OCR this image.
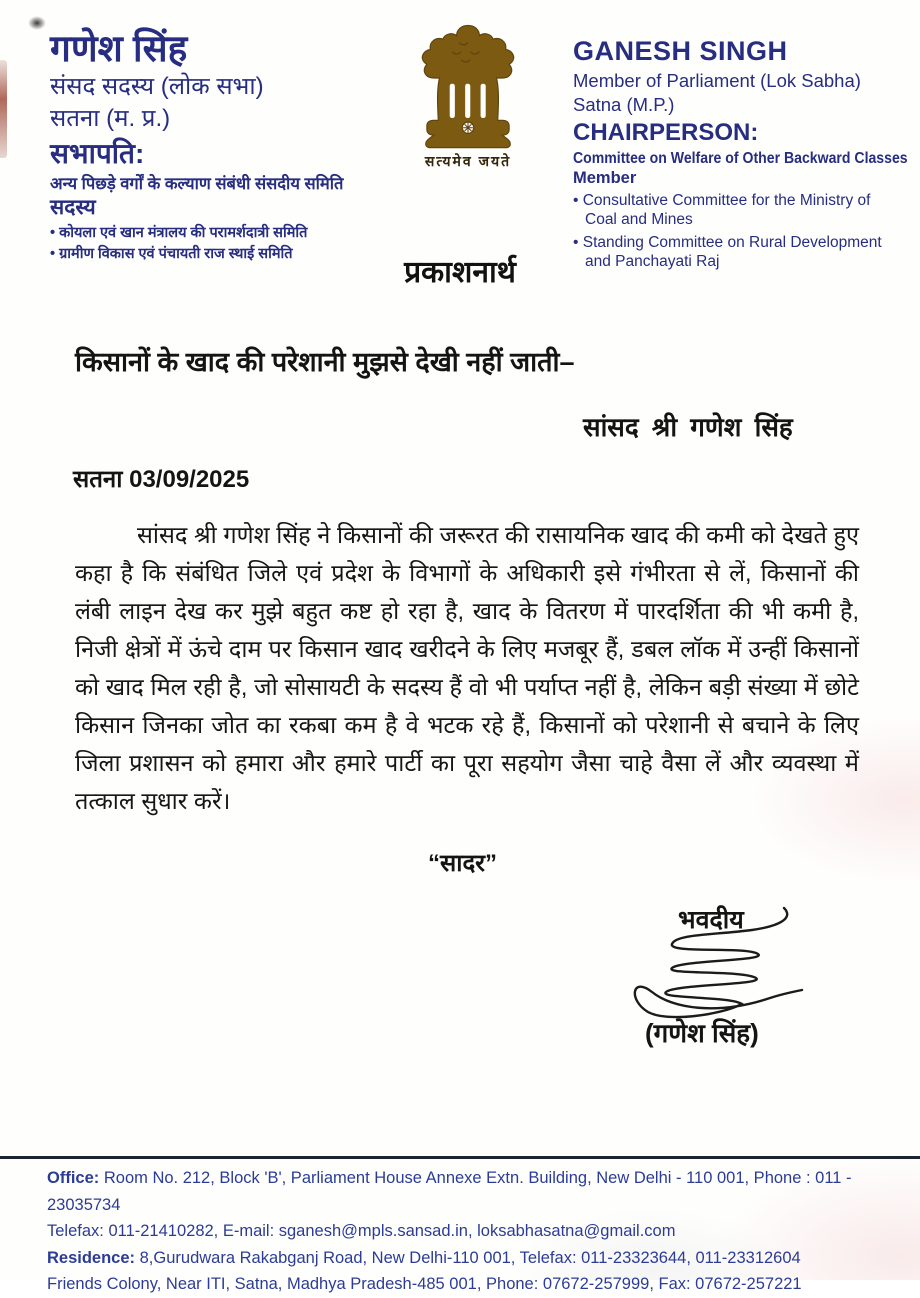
गणेश सिंह
संसद सदस्य (लोक सभा)
सतना (म. प्र.)
सभापति:
अन्य पिछड़े वर्गों के कल्याण संबंधी संसदीय समिति
सदस्य
• कोयला एवं खान मंत्रालय की परामर्शदात्री समिति
• ग्रामीण विकास एवं पंचायती राज स्थाई समिति
सत्यमेव जयते
GANESH SINGH
Member of Parliament (Lok Sabha)
Satna (M.P.)
CHAIRPERSON:
Committee on Welfare of Other Backward Classes
Member
• Consultative Committee for the Ministry of Coal and Mines
• Standing Committee on Rural Development and Panchayati Raj
प्रकाशनार्थ
किसानों के खाद की परेशानी मुझसे देखी नहीं जाती–
सांसद श्री गणेश सिंह
सतना 03/09/2025
सांसद श्री गणेश सिंह ने किसानों की जरूरत की रासायनिक खाद की कमी को देखते हुए कहा है कि संबंधित जिले एवं प्रदेश के विभागों के अधिकारी इसे गंभीरता से लें, किसानों की लंबी लाइन देख कर मुझे बहुत कष्ट हो रहा है, खाद के वितरण में पारदर्शिता की भी कमी है, निजी क्षेत्रों में ऊंचे दाम पर किसान खाद खरीदने के लिए मजबूर हैं, डबल लॉक में उन्हीं किसानों को खाद मिल रही है, जो सोसायटी के सदस्य हैं वो भी पर्याप्त नहीं है, लेकिन बड़ी संख्या में छोटे किसान जिनका जोत का रकबा कम है वे भटक रहे हैं, किसानों को परेशानी से बचाने के लिए जिला प्रशासन को हमारा और हमारे पार्टी का पूरा सहयोग जैसा चाहे वैसा लें और व्यवस्था में तत्काल सुधार करें।
“सादर”
भवदीय
(गणेश सिंह)
Office: Room No. 212, Block 'B', Parliament House Annexe Extn. Building, New Delhi - 110 001, Phone : 011 - 23035734
Telefax: 011-21410282, E-mail: sganesh@mpls.sansad.in, loksabhasatna@gmail.com
Residence: 8,Gurudwara Rakabganj Road, New Delhi-110 001, Telefax: 011-23323644, 011-23312604
Friends Colony, Near ITI, Satna, Madhya Pradesh-485 001, Phone: 07672-257999, Fax: 07672-257221
